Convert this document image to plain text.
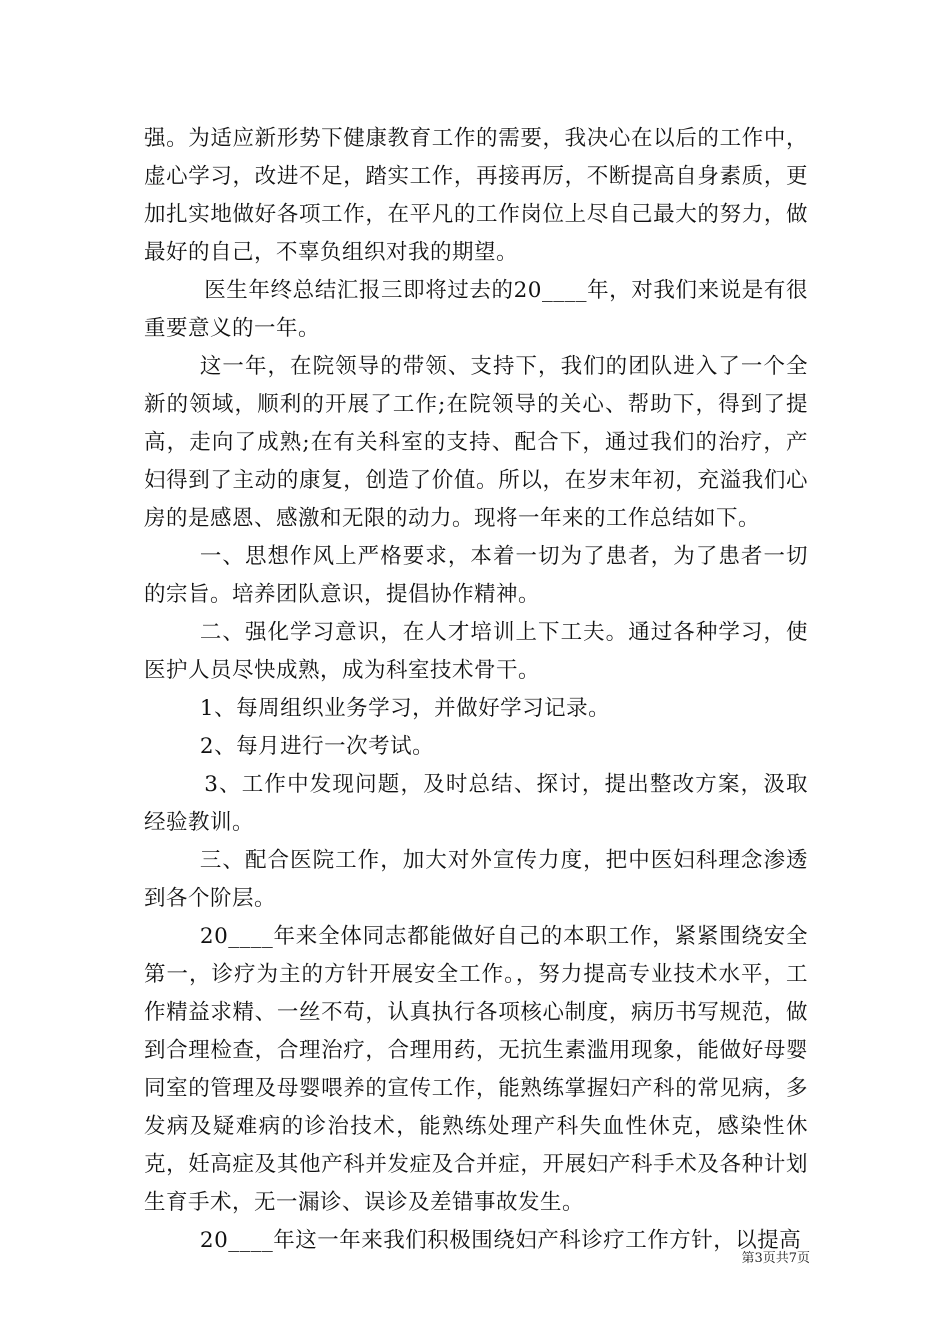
强。为适应新形势下健康教育工作的需要，我决心在以后的工作中，虚心学习，改进不足，踏实工作，再接再厉，不断提高自身素质，更加扎实地做好各项工作，在平凡的工作岗位上尽自己最大的努力，做最好的自己，不辜负组织对我的期望。

医生年终总结汇报三即将过去的20____年，对我们来说是有很重要意义的一年。

这一年，在院领导的带领、支持下，我们的团队进入了一个全新的领域，顺利的开展了工作;在院领导的关心、帮助下，得到了提高，走向了成熟;在有关科室的支持、配合下，通过我们的治疗，产妇得到了主动的康复，创造了价值。所以，在岁末年初，充溢我们心房的是感恩、感激和无限的动力。现将一年来的工作总结如下。

一、思想作风上严格要求，本着一切为了患者，为了患者一切的宗旨。培养团队意识，提倡协作精神。

二、强化学习意识，在人才培训上下工夫。通过各种学习，使医护人员尽快成熟，成为科室技术骨干。

1、每周组织业务学习，并做好学习记录。

2、每月进行一次考试。

3、工作中发现问题，及时总结、探讨，提出整改方案，汲取经验教训。

三、配合医院工作，加大对外宣传力度，把中医妇科理念渗透到各个阶层。

20____年来全体同志都能做好自己的本职工作，紧紧围绕安全第一，诊疗为主的方针开展安全工作。，努力提高专业技术水平，工作精益求精、一丝不苟，认真执行各项核心制度，病历书写规范，做到合理检查，合理治疗，合理用药，无抗生素滥用现象，能做好母婴同室的管理及母婴喂养的宣传工作，能熟练掌握妇产科的常见病，多发病及疑难病的诊治技术，能熟练处理产科失血性休克，感染性休克，妊高症及其他产科并发症及合并症，开展妇产科手术及各种计划生育手术，无一漏诊、误诊及差错事故发生。

20____年这一年来我们积极围绕妇产科诊疗工作方针，以提高

第3页共7页
